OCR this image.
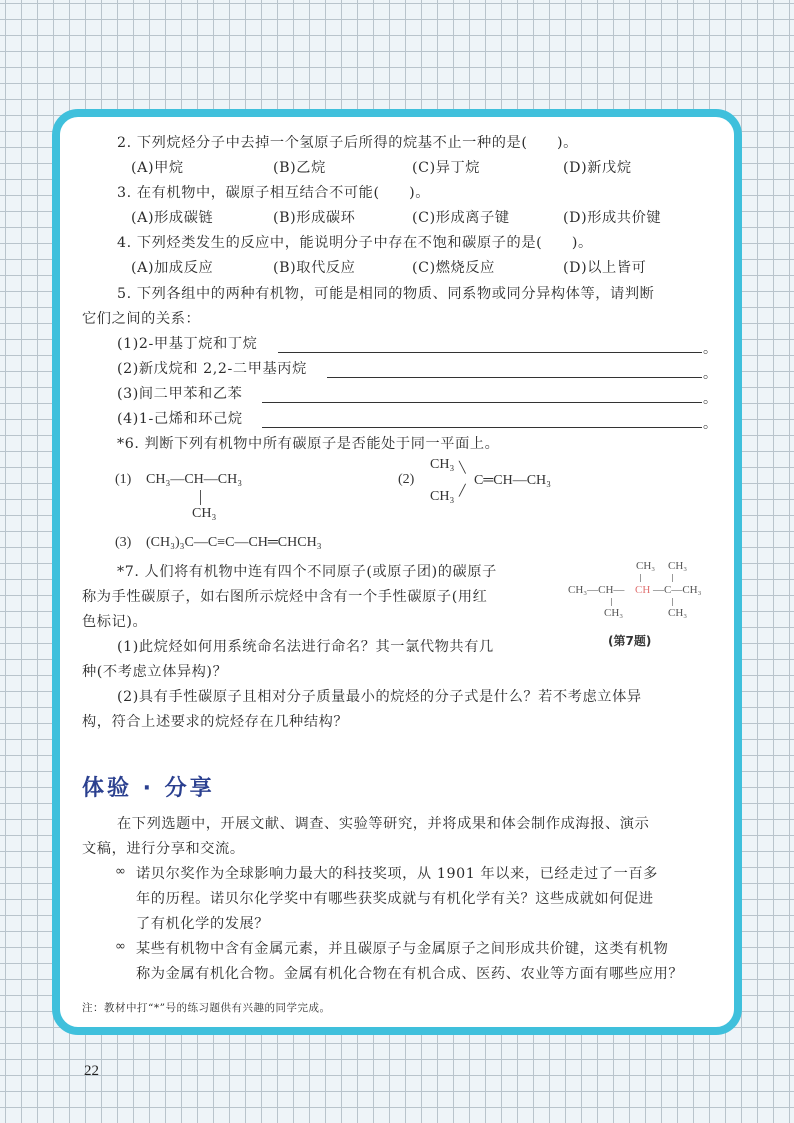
2. 下列烷烃分子中去掉一个氢原子后所得的烷基不止一种的是(　　)。
(A)甲烷	(B)乙烷	(C)异丁烷	(D)新戊烷
3. 在有机物中，碳原子相互结合不可能(　　)。
(A)形成碳链	(B)形成碳环	(C)形成离子键	(D)形成共价键
4. 下列烃类发生的反应中，能说明分子中存在不饱和碳原子的是(　　)。
(A)加成反应	(B)取代反应	(C)燃烧反应	(D)以上皆可
5. 下列各组中的两种有机物，可能是相同的物质、同系物或同分异构体等，请判断
它们之间的关系：
(1)2-甲基丁烷和丁烷	。
(2)新戊烷和 2,2-二甲基丙烷	。
(3)间二甲苯和乙苯	。
(4)1-己烯和环己烷	。
*6. 判断下列有机物中所有碳原子是否能处于同一平面上。
(1) CH₃—CH—CH₃
CH₃
(2)
CH₃ ╲
CH₃ ╱
C═CH—CH₃
(3) (CH₃)₃C—C≡C—CH═CHCH₃
*7. 人们将有机物中连有四个不同原子(或原子团)的碳原子
称为手性碳原子，如右图所示烷烃中含有一个手性碳原子(用红
色标记)。
(1)此烷烃如何用系统命名法进行命名？其一氯代物共有几
种(不考虑立体异构)？
(2)具有手性碳原子且相对分子质量最小的烷烃的分子式是什么？若不考虑立体异
构，符合上述要求的烷烃存在几种结构？
CH₃ CH₃
CH₃—CH— CH —C—CH₃
CH₃	CH₃
(第7题)
体验 · 分享
在下列选题中，开展文献、调查、实验等研究，并将成果和体会制作成海报、演示
文稿，进行分享和交流。
∞ 诺贝尔奖作为全球影响力最大的科技奖项，从 1901 年以来，已经走过了一百多
年的历程。诺贝尔化学奖中有哪些获奖成就与有机化学有关？这些成就如何促进
了有机化学的发展？
∞ 某些有机物中含有金属元素，并且碳原子与金属原子之间形成共价键，这类有机物
称为金属有机化合物。金属有机化合物在有机合成、医药、农业等方面有哪些应用？
注：教材中打“*”号的练习题供有兴趣的同学完成。
22
